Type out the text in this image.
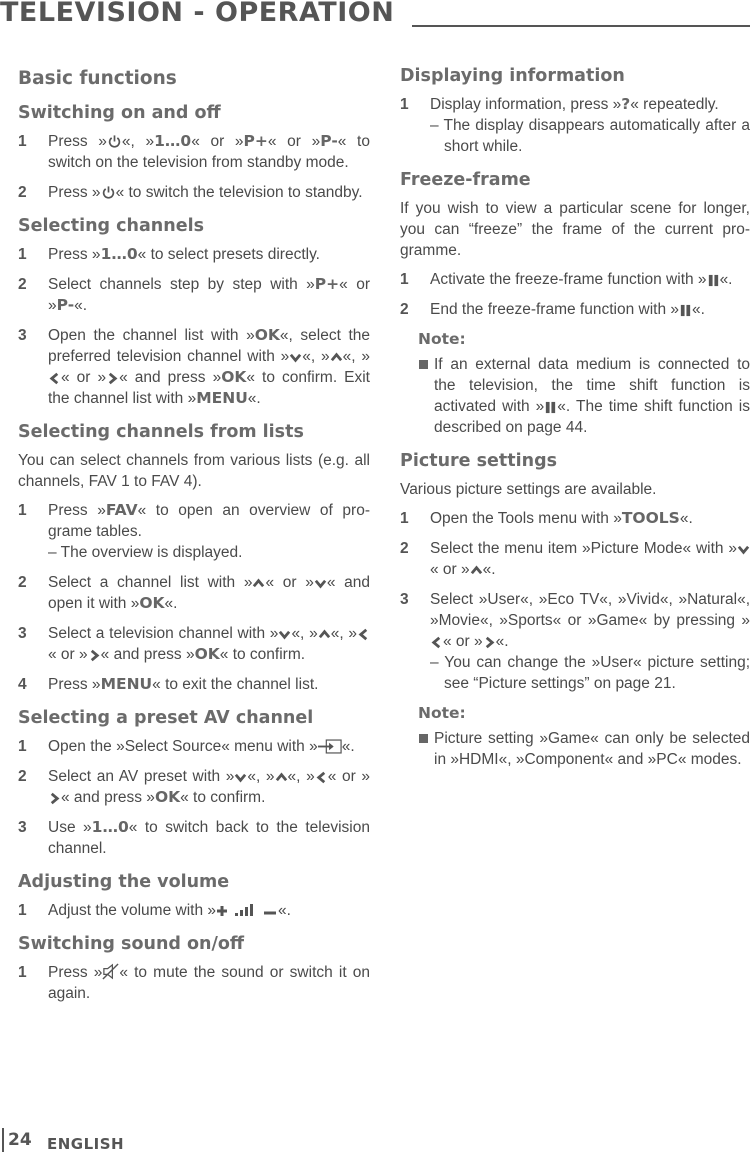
TELEVISION - OPERATION
Basic functions
Switching on and off
1	Press » «, »1…0« or »P+« or »P-« to switch on the television from standby mode.
2	Press » « to switch the television to standby.
Selecting channels
1	Press »1…0« to select presets directly.
2	Select channels step by step with »P+« or »P-«.
3	Open the channel list with »OK«, select the preferred television channel with » «, » «, »« or » « and press »OK« to confirm. Exit the channel list with »MENU«.
Selecting channels from lists
You can select channels from various lists (e.g. all channels, FAV 1 to FAV 4).
1	Press »FAV« to open an overview of pro-grame tables.
– The overview is displayed.
2	Select a channel list with » « or » « and open it with »OK«.
3	Select a television channel with » «, » «, »« or » « and press »OK« to confirm.
4	Press »MENU« to exit the channel list.
Selecting a preset AV channel
1	Open the »Select Source« menu with » «.
2	Select an AV preset with » «, » «, » « or »« and press »OK« to confirm.
3	Use »1…0« to switch back to the television channel.
Adjusting the volume
1	Adjust the volume with »	«.
Switching sound on/off
1	Press » « to mute the sound or switch it on again.
Displaying information
1	Display information, press »?« repeatedly.
– The display disappears automatically after a short while.
Freeze-frame
If you wish to view a particular scene for longer, you can “freeze” the frame of the current pro-gramme.
1	Activate the freeze-frame function with » «.
2	End the freeze-frame function with » «.
Note:
If an external data medium is connected to the television, the time shift function is activated with » «. The time shift function is described on page 44.
Picture settings
Various picture settings are available.
1	Open the Tools menu with »TOOLS«.
2	Select the menu item »Picture Mode« with »« or » «.
3	Select »User«, »Eco TV«, »Vivid«, »Natural«, »Movie«, »Sports« or »Game« by pressing »« or » «.
– You can change the »User« picture setting; see “Picture settings” on page 21.
Note:
Picture setting »Game« can only be selected in »HDMI«, »Component« and »PC« modes.
24 ENGLISH
